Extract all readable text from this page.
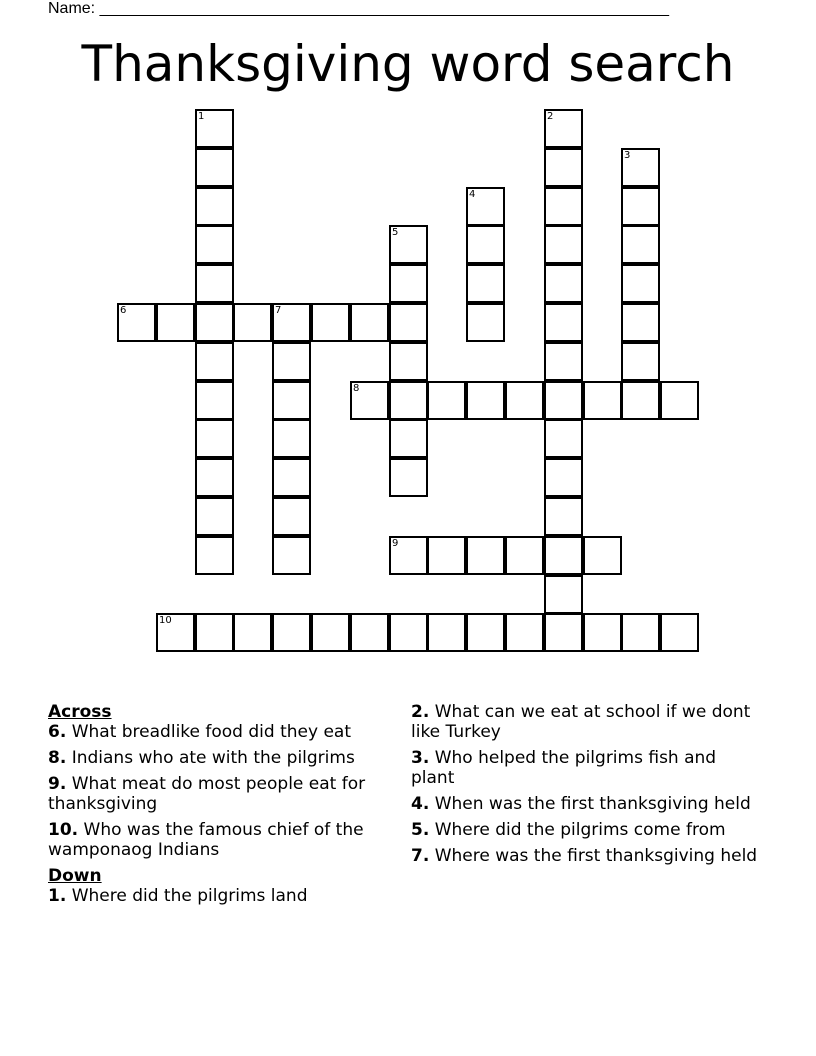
Name: ________________________________________________________________
Thanksgiving word search
1	2
3
4
5
6	7
8
9
10
Across
6. What breadlike food did they eat
8. Indians who ate with the pilgrims
9. What meat do most people eat for thanksgiving
10. Who was the famous chief of the wamponaog Indians
Down
1. Where did the pilgrims land
2. What can we eat at school if we dont like Turkey
3. Who helped the pilgrims fish and plant
4. When was the first thanksgiving held
5. Where did the pilgrims come from
7. Where was the first thanksgiving held
